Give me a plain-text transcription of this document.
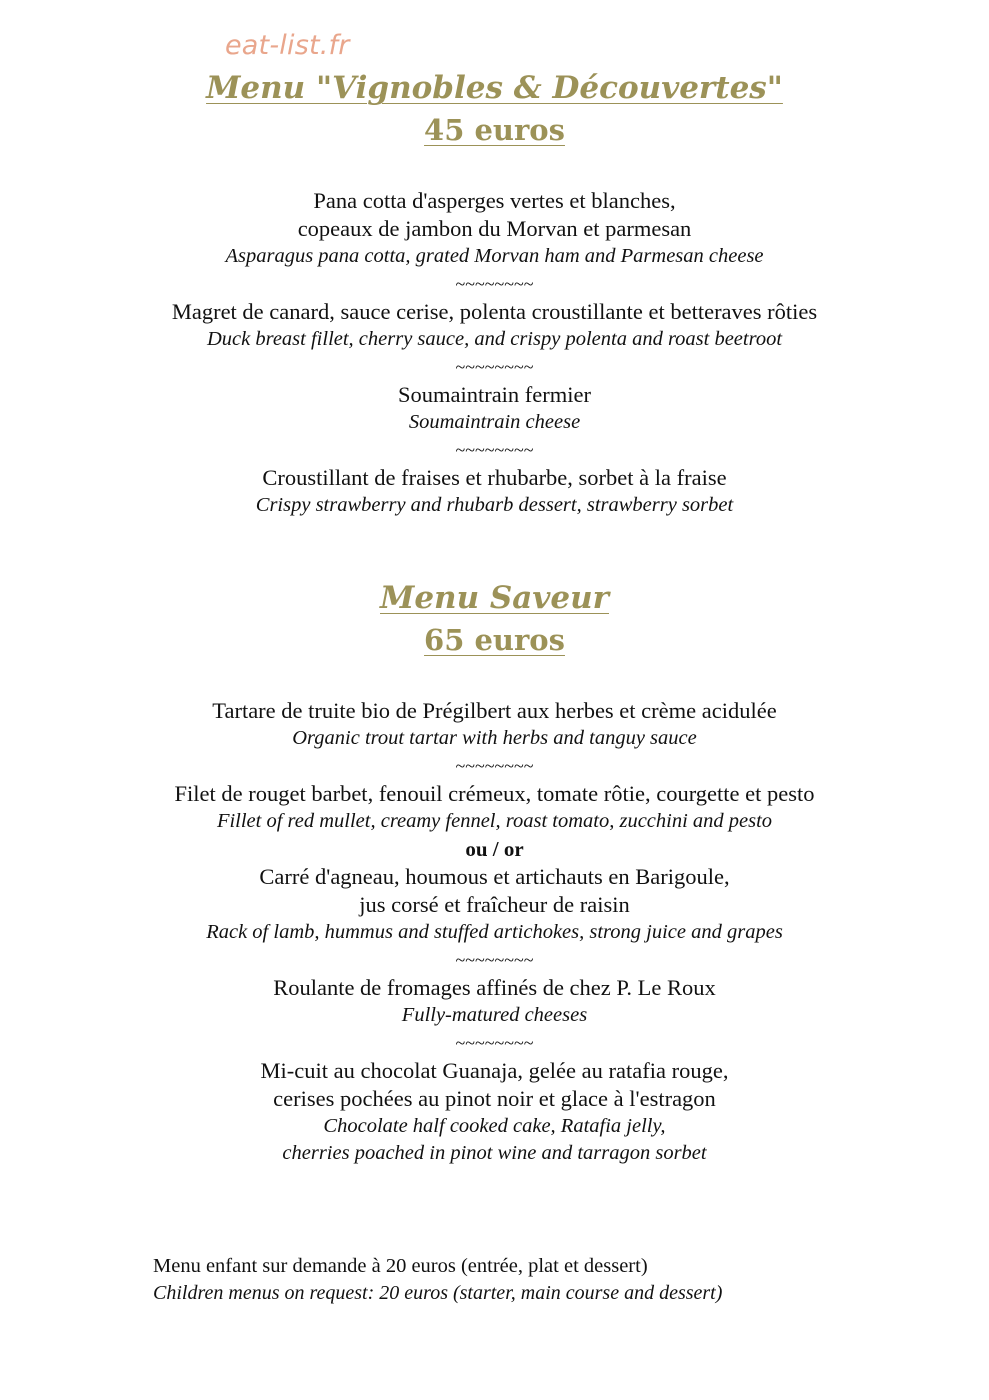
eat-list.fr
Menu "Vignobles & Découvertes"
45 euros
Pana cotta d'asperges vertes et blanches,
copeaux de jambon du Morvan et parmesan
Asparagus pana cotta, grated Morvan ham and Parmesan cheese
~~~~~~~~
Magret de canard, sauce cerise, polenta croustillante et betteraves rôties
Duck breast fillet, cherry sauce, and crispy polenta and roast beetroot
~~~~~~~~
Soumaintrain fermier
Soumaintrain cheese
~~~~~~~~
Croustillant de fraises et rhubarbe, sorbet à la fraise
Crispy strawberry and rhubarb dessert, strawberry sorbet
Menu Saveur
65 euros
Tartare de truite bio de Prégilbert aux herbes et crème acidulée
Organic trout tartar with herbs and tanguy sauce
~~~~~~~~
Filet de rouget barbet, fenouil crémeux, tomate rôtie, courgette et pesto
Fillet of red mullet, creamy fennel, roast tomato, zucchini and pesto
ou / or
Carré d'agneau, houmous et artichauts en Barigoule,
jus corsé et fraîcheur de raisin
Rack of lamb, hummus and stuffed artichokes, strong juice and grapes
~~~~~~~~
Roulante de fromages affinés de chez P. Le Roux
Fully-matured cheeses
~~~~~~~~
Mi-cuit au chocolat Guanaja, gelée au ratafia rouge,
cerises pochées au pinot noir et glace à l'estragon
Chocolate half cooked cake, Ratafia jelly,
cherries poached in pinot wine and tarragon sorbet
Menu enfant sur demande à 20 euros (entrée, plat et dessert)
Children menus on request: 20 euros (starter, main course and dessert)
